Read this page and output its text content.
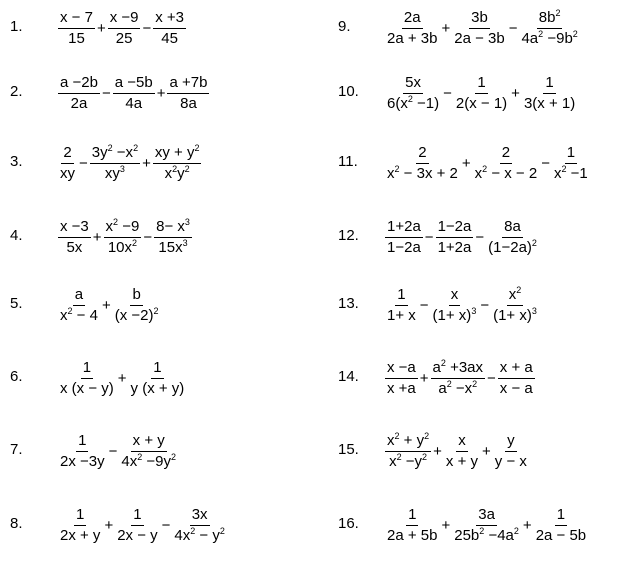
1. $\frac{x - 7}{15} + \frac{x -9}{25} - \frac{x +3}{45}$
2. $\frac{a -2b}{2a} - \frac{a -5b}{4a} + \frac{a +7b}{8a}$
3. $\frac{2}{xy} - \frac{3y^2 -x^2}{xy^3} + \frac{xy + y^2}{x^2y^2}$
4. $\frac{x -3}{5x} + \frac{x^2 -9}{10x^2} - \frac{8- x^3}{15x^3}$
5. $\frac{a}{x^2 - 4} + \frac{b}{(x -2)^2}$
6. $\frac{1}{x (x - y)} + \frac{1}{y (x + y)}$
7. $\frac{1}{2x -3y} - \frac{x + y}{4x^2 -9y^2}$
8. $\frac{1}{2x + y} + \frac{1}{2x - y} - \frac{3x}{4x^2 - y^2}$
9. $\frac{2a}{2a + 3b} + \frac{3b}{2a - 3b} - \frac{8b^2}{4a^2 -9b^2}$
10. $\frac{5x}{6(x^2 -1)} - \frac{1}{2(x - 1)} + \frac{1}{3(x + 1)}$
11. $\frac{2}{x^2 - 3x + 2} + \frac{2}{x^2 - x - 2} - \frac{1}{x^2 -1}$
12. $\frac{1+2a}{1-2a} - \frac{1-2a}{1+2a} - \frac{8a}{(1-2a)^2}$
13. $\frac{1}{1+ x} - \frac{x}{(1+ x)^3} - \frac{x^2}{(1+ x)^3}$
14. $\frac{x -a}{x +a} + \frac{a^2 +3ax}{a^2 -x^2} - \frac{x + a}{x - a}$
15. $\frac{x^2 + y^2}{x^2 -y^2} + \frac{x}{x + y} + \frac{y}{y - x}$
16. $\frac{1}{2a + 5b} + \frac{3a}{25b^2 -4a^2} + \frac{1}{2a - 5b}$
